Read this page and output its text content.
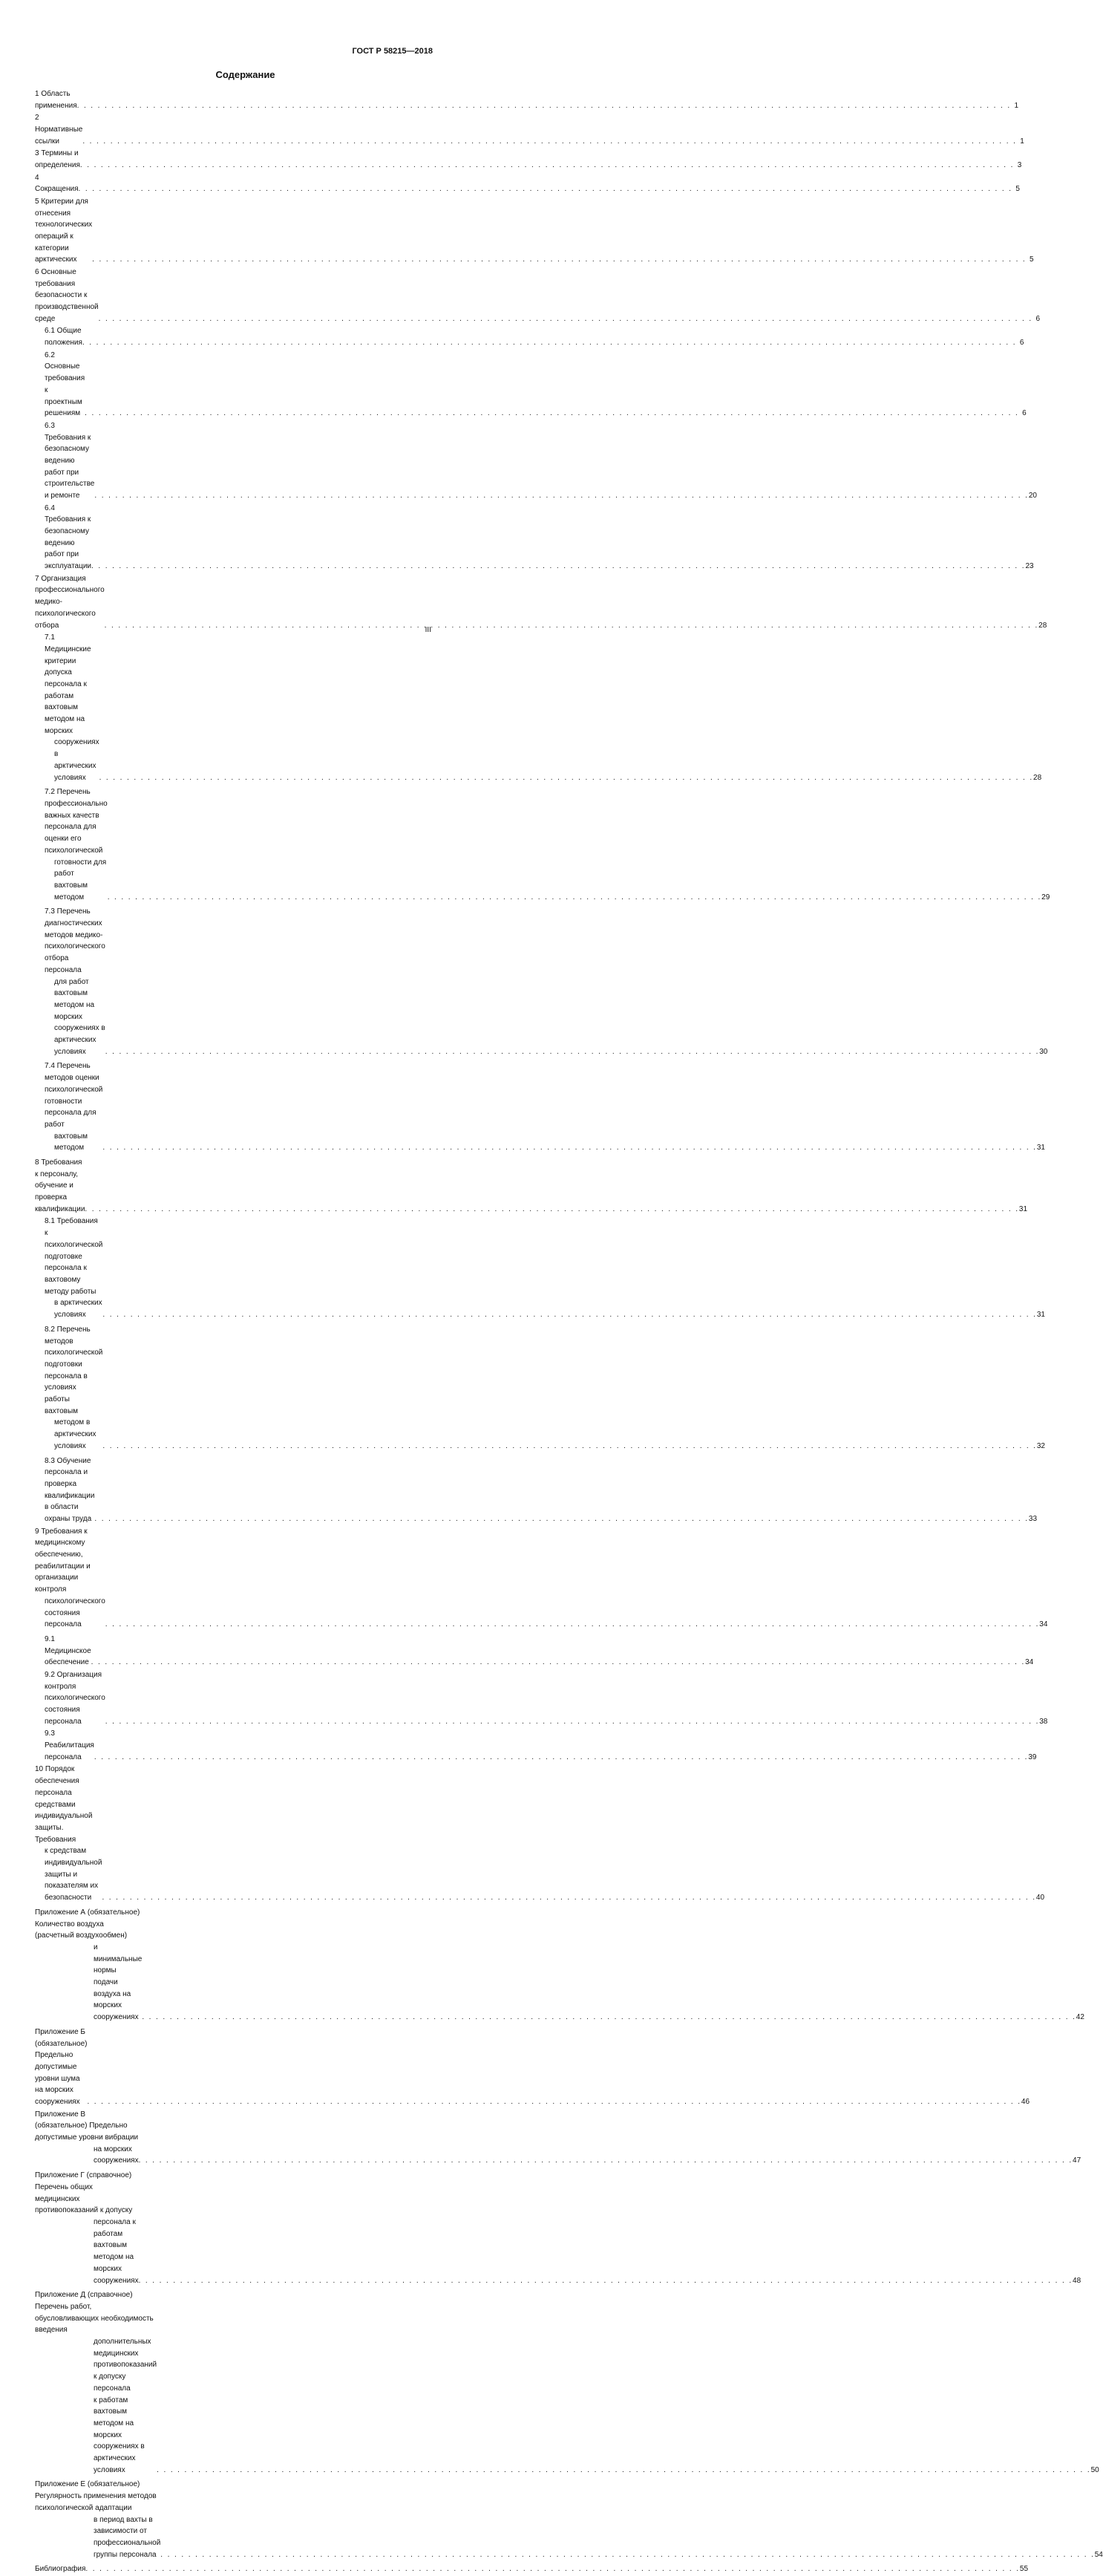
ГОСТ Р 58215—2018
Содержание
1 Область применения . . .	1
2 Нормативные ссылки . . .	1
3 Термины и определения . . .	3
4 Сокращения . . .	5
5 Критерии для отнесения технологических операций к категории арктических . . .	5
6 Основные требования безопасности к производственной среде . . .	6
6.1 Общие положения . . .	6
6.2 Основные требования к проектным решениям . . .	6
6.3 Требования к безопасному ведению работ при строительстве и ремонте . . .	20
6.4 Требования к безопасному ведению работ при эксплуатации . . .	23
7 Организация профессионального медико-психологического отбора . . .	28
7.1 Медицинские критерии допуска персонала к работам вахтовым методом на морских
сооружениях в арктических условиях . . .	28
7.2 Перечень профессионально важных качеств персонала для оценки его психологической
готовности для работ вахтовым методом . . .	29
7.3 Перечень диагностических методов медико-психологического отбора персонала
для работ вахтовым методом на морских сооружениях в арктических условиях . . .	30
7.4 Перечень методов оценки психологической готовности персонала для работ
вахтовым методом . . .	31
8 Требования к персоналу, обучение и проверка квалификации . . .	31
8.1 Требования к психологической подготовке персонала к вахтовому методу работы
в арктических условиях . . .	31
8.2 Перечень методов психологической подготовки персонала в условиях работы вахтовым
методом в арктических условиях . . .	32
8.3 Обучение персонала и проверка квалификации в области охраны труда . . .	33
9 Требования к медицинскому обеспечению, реабилитации и организации контроля
психологического состояния персонала . . .	34
9.1 Медицинское обеспечение . . .	34
9.2 Организация контроля психологического состояния персонала . . .	38
9.3 Реабилитация персонала . . .	39
10 Порядок обеспечения персонала средствами индивидуальной защиты. Требования
к средствам индивидуальной защиты и показателям их безопасности . . .	40
Приложение А (обязательное) Количество воздуха (расчетный воздухообмен)
и минимальные нормы подачи воздуха на морских сооружениях . . .	42
Приложение Б (обязательное) Предельно допустимые уровни шума на морских сооружениях . . .	46
Приложение В (обязательное) Предельно допустимые уровни вибрации
на морских сооружениях . . .	47
Приложение Г (справочное) Перечень общих медицинских противопоказаний к допуску
персонала к работам вахтовым методом на морских сооружениях . . .	48
Приложение Д (справочное) Перечень работ, обусловливающих необходимость введения
дополнительных медицинских противопоказаний к допуску персонала
к работам вахтовым методом на морских сооружениях в арктических условиях . . .	50
Приложение Е (обязательное) Регулярность применения методов психологической адаптации
в период вахты в зависимости от профессиональной группы персонала . . .	54
Библиография . . .	55
III
